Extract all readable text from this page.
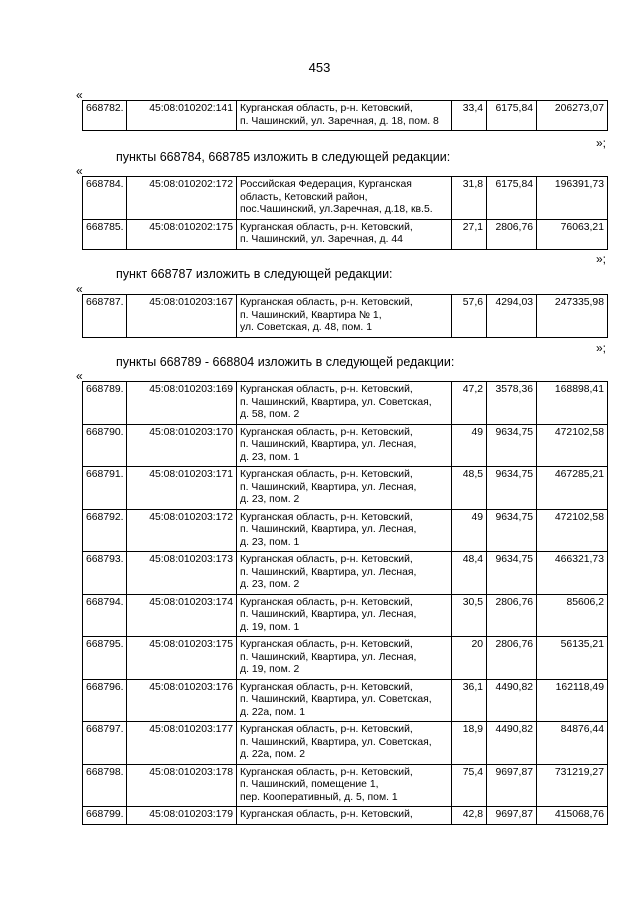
453
«
668782.	45:08:010202:141	Курганская область, р-н. Кетовский,
п. Чашинский, ул. Заречная, д. 18, пом. 8
	33,4	6175,84	206273,07
»;
пункты 668784, 668785 изложить в следующей редакции:
«
668784.	45:08:010202:172	Российская Федерация, Курганская
область, Кетовский район,
пос.Чашинский, ул.Заречная, д.18, кв.5.	31,8	6175,84	196391,73
668785.	45:08:010202:175	Курганская область, р-н. Кетовский,
п. Чашинский, ул. Заречная, д. 44	27,1	2806,76	76063,21
»;
пункт 668787 изложить в следующей редакции:
«
668787.	45:08:010203:167	Курганская область, р-н. Кетовский,
п. Чашинский, Квартира № 1,
ул. Советская, д. 48, пом. 1
	57,6	4294,03	247335,98
»;
пункты 668789 - 668804 изложить в следующей редакции:
«
668789.	45:08:010203:169	Курганская область, р-н. Кетовский,
п. Чашинский, Квартира, ул. Советская,
д. 58, пом. 2	47,2	3578,36	168898,41
668790.	45:08:010203:170	Курганская область, р-н. Кетовский,
п. Чашинский, Квартира, ул. Лесная,
д. 23, пом. 1	49	9634,75	472102,58
668791.	45:08:010203:171	Курганская область, р-н. Кетовский,
п. Чашинский, Квартира, ул. Лесная,
д. 23, пом. 2	48,5	9634,75	467285,21
668792.	45:08:010203:172	Курганская область, р-н. Кетовский,
п. Чашинский, Квартира, ул. Лесная,
д. 23, пом. 1	49	9634,75	472102,58
668793.	45:08:010203:173	Курганская область, р-н. Кетовский,
п. Чашинский, Квартира, ул. Лесная,
д. 23, пом. 2	48,4	9634,75	466321,73
668794.	45:08:010203:174	Курганская область, р-н. Кетовский,
п. Чашинский, Квартира, ул. Лесная,
д. 19, пом. 1	30,5	2806,76	85606,2
668795.	45:08:010203:175	Курганская область, р-н. Кетовский,
п. Чашинский, Квартира, ул. Лесная,
д. 19, пом. 2	20	2806,76	56135,21
668796.	45:08:010203:176	Курганская область, р-н. Кетовский,
п. Чашинский, Квартира, ул. Советская,
д. 22а, пом. 1	36,1	4490,82	162118,49
668797.	45:08:010203:177	Курганская область, р-н. Кетовский,
п. Чашинский, Квартира, ул. Советская,
д. 22а, пом. 2	18,9	4490,82	84876,44
668798.	45:08:010203:178	Курганская область, р-н. Кетовский,
п. Чашинский, помещение 1,
пер. Кооперативный, д. 5, пом. 1	75,4	9697,87	731219,27
668799.	45:08:010203:179	Курганская область, р-н. Кетовский,	42,8	9697,87	415068,76
